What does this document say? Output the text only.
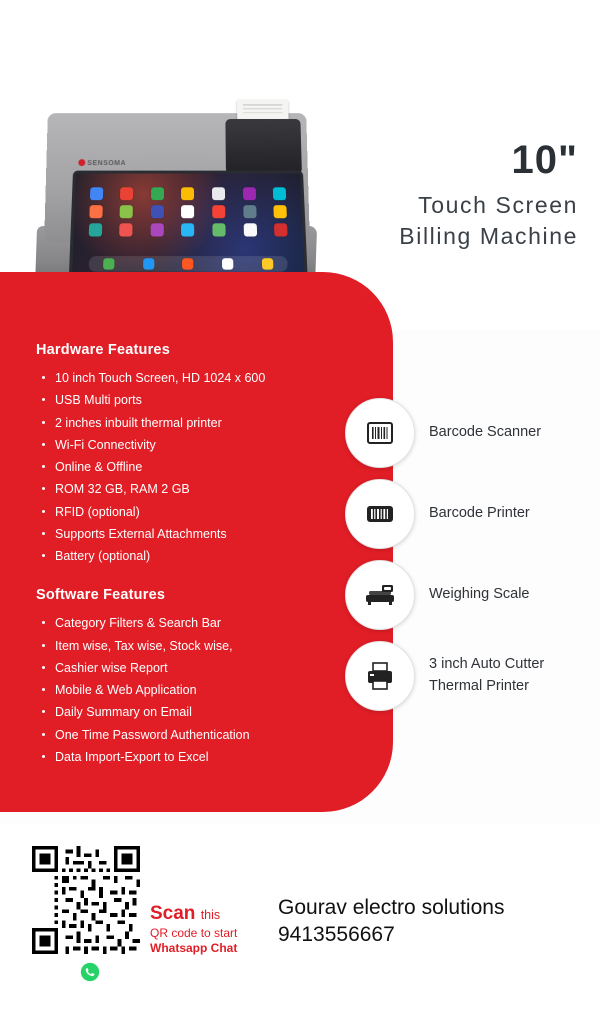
SENSOMA	10"
Touch Screen
Billing Machine
Hardware Features
10 inch Touch Screen, HD 1024 x 600
USB Multi ports
2 inches inbuilt thermal printer
Wi-Fi Connectivity
Online & Offline
ROM 32 GB, RAM 2 GB
RFID (optional)
Supports External Attachments
Battery (optional)
Software Features
Category Filters & Search Bar
Item wise, Tax wise, Stock wise,
Cashier wise Report
Mobile & Web Application
Daily Summary on Email
One Time Password Authentication
Data Import-Export to Excel
Barcode Scanner
Barcode Printer
Weighing Scale
3 inch Auto Cutter
Thermal Printer
Scan this
QR code to start
Whatsapp Chat
Gourav electro solutions
9413556667
